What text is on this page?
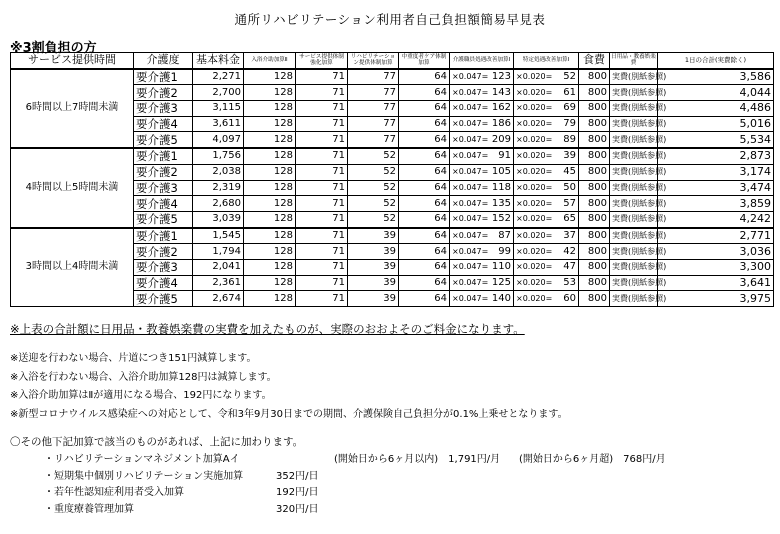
通所リハビリテーション利用者自己負担額簡易早見表
※3割負担の方
サービス提供時間	介護度	基本料金	入浴介助加算Ⅱ	サービス提供体制強化加算	リハビリテーション提供体制加算	中重度者ケア体制加算	介護職員処遇改善加算Ⅰ		特定処遇改善加算Ⅰ		食費	日用品・教養娯楽費	1日の合計(実費除く)
6時間以上7時間未満	要介護1	2,271	128	71	77	64	×0.047=	123	×0.020=	52	800	実費(別紙参照)	3,586
	要介護2	2,700	128	71	77	64	×0.047=	143	×0.020=	61	800	実費(別紙参照)	4,044
	要介護3	3,115	128	71	77	64	×0.047=	162	×0.020=	69	800	実費(別紙参照)	4,486
	要介護4	3,611	128	71	77	64	×0.047=	186	×0.020=	79	800	実費(別紙参照)	5,016
	要介護5	4,097	128	71	77	64	×0.047=	209	×0.020=	89	800	実費(別紙参照)	5,534
4時間以上5時間未満	要介護1	1,756	128	71	52	64	×0.047=	91	×0.020=	39	800	実費(別紙参照)	2,873
	要介護2	2,038	128	71	52	64	×0.047=	105	×0.020=	45	800	実費(別紙参照)	3,174
	要介護3	2,319	128	71	52	64	×0.047=	118	×0.020=	50	800	実費(別紙参照)	3,474
	要介護4	2,680	128	71	52	64	×0.047=	135	×0.020=	57	800	実費(別紙参照)	3,859
	要介護5	3,039	128	71	52	64	×0.047=	152	×0.020=	65	800	実費(別紙参照)	4,242
3時間以上4時間未満	要介護1	1,545	128	71	39	64	×0.047=	87	×0.020=	37	800	実費(別紙参照)	2,771
	要介護2	1,794	128	71	39	64	×0.047=	99	×0.020=	42	800	実費(別紙参照)	3,036
	要介護3	2,041	128	71	39	64	×0.047=	110	×0.020=	47	800	実費(別紙参照)	3,300
	要介護4	2,361	128	71	39	64	×0.047=	125	×0.020=	53	800	実費(別紙参照)	3,641
	要介護5	2,674	128	71	39	64	×0.047=	140	×0.020=	60	800	実費(別紙参照)	3,975
※上表の合計額に日用品・教養娯楽費の実費を加えたものが、実際のおおよそのご料金になります。
※送迎を行わない場合、片道につき151円減算します。
※入浴を行わない場合、入浴介助加算128円は減算します。
※入浴介助加算はⅡが適用になる場合、192円になります。
※新型コロナウイルス感染症への対応として、令和3年9月30日までの期間、介護保険自己負担分が0.1%上乗せとなります。
〇その他下記加算で該当のものがあれば、上記に加わります。
・リハビリテーションマネジメント加算Aイ	(開始日から6ヶ月以内)　1,791円/月 (開始日から6ヶ月超)　768円/月
・短期集中個別リハビリテーション実施加算	352円/日
・若年性認知症利用者受入加算	192円/日
・重度療養管理加算	320円/日
